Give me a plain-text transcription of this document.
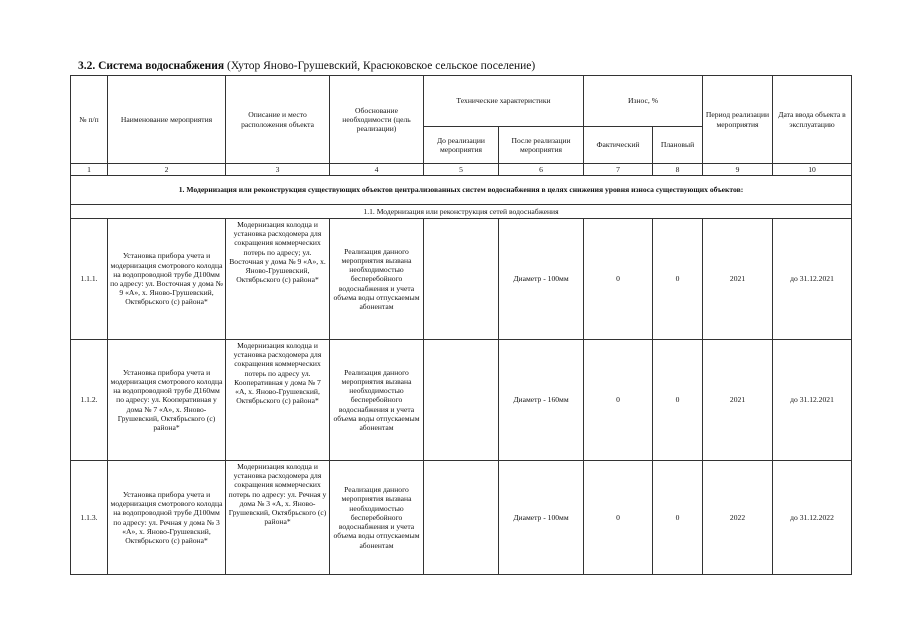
3.2. Система водоснабжения (Хутор Яново-Грушевский, Красюковское сельское поселение)
№ п/п	Наименование мероприятия	Описание и место расположения объекта	Обоснование необходимости (цель реализации)	Технические характеристики		Износ, %		Период реализации мероприятия	Дата ввода объекта в эксплуатацию
				До реализации мероприятия	После реализации мероприятия	Фактический	Плановый		
1	2	3	4	5	6	7	8	9	10
1. Модернизация или реконструкция существующих объектов централизованных систем водоснабжения в целях снижения уровня износа существующих объектов:									
1.1. Модернизация или реконструкция сетей водоснабжения									
1.1.1.	Установка прибора учета и модернизация смотрового колодца на водопроводной трубе Д100мм по адресу: ул. Восточная у дома № 9 «А», х. Яново-Грушевский, Октябрьского (с) района*	Модернизация колодца и установка расходомера для сокращения коммерческих потерь по адресу; ул. Восточная у дома № 9 «А», х. Яново-Грушевский, Октябрьского (с) района*	Реализация данного мероприятия вызвана необходимостью бесперебойного водоснабжения и учета объема воды отпускаемым абонентам		Диаметр - 100мм	0	0	2021	до 31.12.2021
1.1.2.	Установка прибора учета и модернизация смотрового колодца на водопроводной трубе Д160мм по адресу: ул. Кооперативная у дома № 7 «А», х. Яново-Грушевский, Октябрьского (с) района*	Модернизация колодца и установка расходомера для сокращения коммерческих потерь по адресу ул. Кооперативная у дома № 7 «А, х. Яново-Грушевский, Октябрьского (с) района*	Реализация данного мероприятия вызвана необходимостью бесперебойного водоснабжения и учета объема воды отпускаемым абонентам		Диаметр - 160мм	0	0	2021	до 31.12.2021
1.1.3.	Установка прибора учета и модернизация смотрового колодца на водопроводной трубе Д100мм по адресу: ул. Речная у дома № 3 «А», х. Яново-Грушевский, Октябрьского (с) района*	Модернизация колодца и установка расходомера для сокращения коммерческих потерь по адресу: ул. Речная у дома № 3 «А, х. Яново-Грушевский, Октябрьского (с) района*	Реализация данного мероприятия вызвана необходимостью бесперебойного водоснабжения и учета объема воды отпускаемым абонентам		Диаметр - 100мм	0	0	2022	до 31.12.2022
